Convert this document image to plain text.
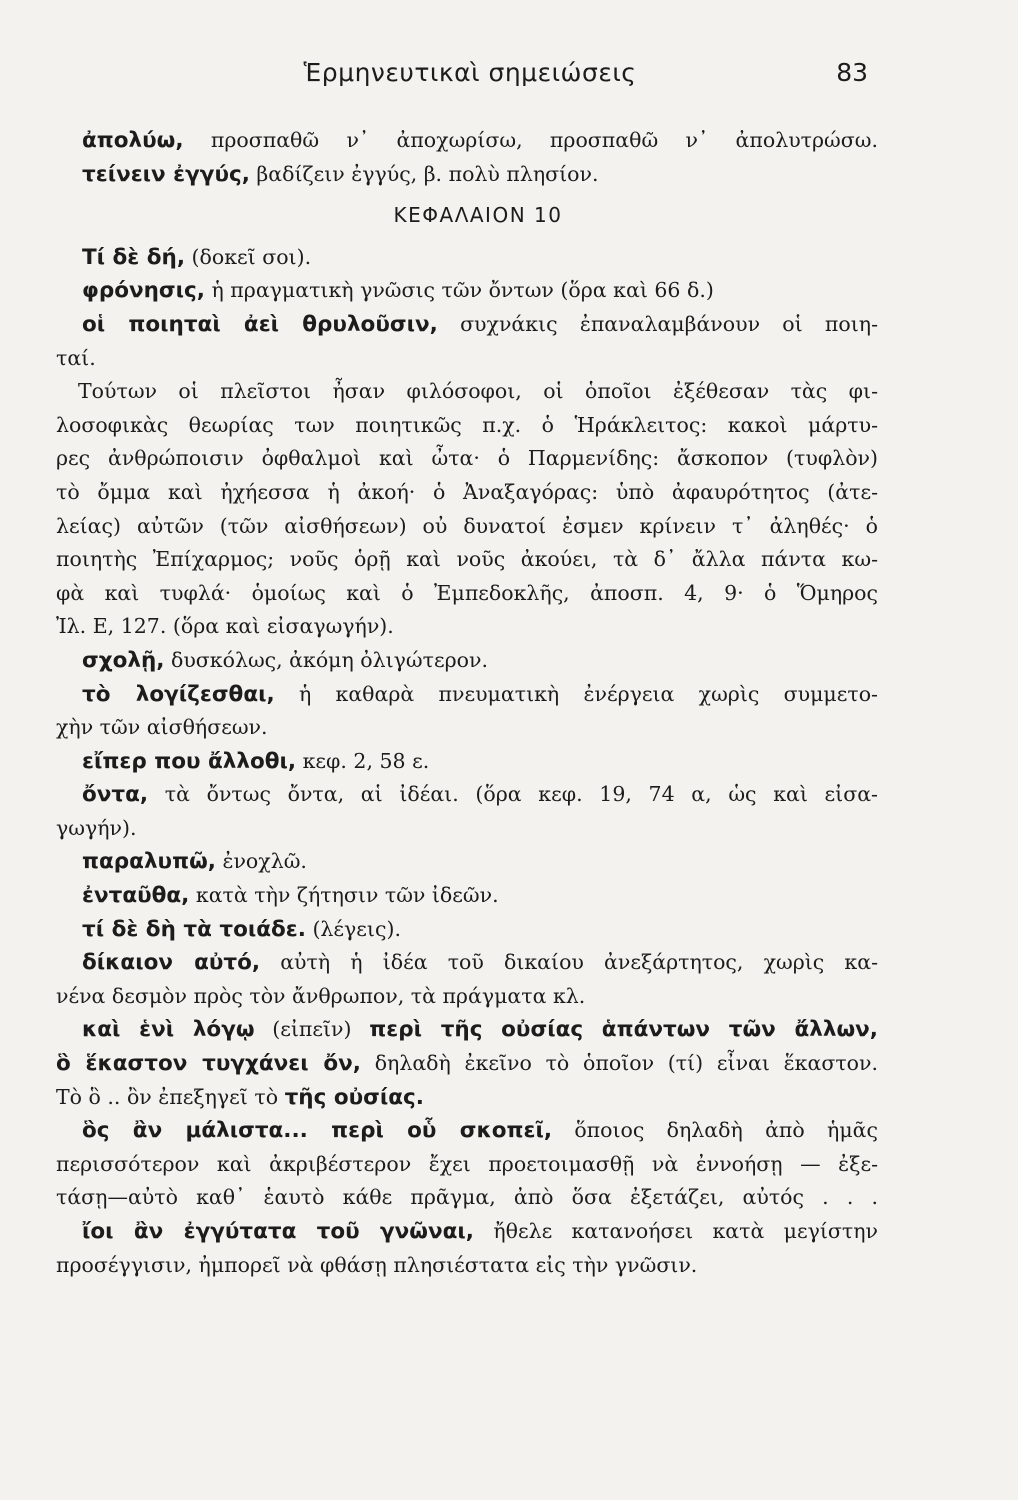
Ἑρμηνευτικαὶ σημειώσεις	83
ἀπολύω, προσπαθῶ ν᾿ ἀποχωρίσω, προσπαθῶ ν᾿ ἀπολυτρώσω.
τείνειν ἐγγύς, βαδίζειν ἐγγύς, β. πολὺ πλησίον.
ΚΕΦΑΛΑΙΟΝ 10
Τί δὲ δή, (δοκεῖ σοι).
φρόνησις, ἡ πραγματικὴ γνῶσις τῶν ὄντων (ὅρα καὶ 66 δ.)
οἱ ποιηταὶ ἀεὶ θρυλοῦσιν, συχνάκις ἐπαναλαμβάνουν οἱ ποιη-
ταί.
Τούτων οἱ πλεῖστοι ἦσαν φιλόσοφοι, οἱ ὁποῖοι ἐξέθεσαν τὰς φι-
λοσοφικὰς θεωρίας των ποιητικῶς π.χ. ὁ Ἡράκλειτος: κακοὶ μάρτυ-
ρες ἀνθρώποισιν ὀφθαλμοὶ καὶ ὦτα· ὁ Παρμενίδης: ἄσκοπον (τυφλὸν)
τὸ ὄμμα καὶ ἠχήεσσα ἡ ἀκοή· ὁ Ἀναξαγόρας: ὑπὸ ἀφαυρότητος (ἀτε-
λείας) αὐτῶν (τῶν αἰσθήσεων) οὐ δυνατοί ἐσμεν κρίνειν τ᾿ ἀληθές· ὁ
ποιητὴς Ἐπίχαρμος; νοῦς ὁρῇ καὶ νοῦς ἀκούει, τὰ δ᾿ ἄλλα πάντα κω-
φὰ καὶ τυφλά· ὁμοίως καὶ ὁ Ἐμπεδοκλῆς, ἀποσπ. 4, 9· ὁ Ὅμηρος
Ἰλ. Ε, 127. (ὅρα καὶ εἰσαγωγήν).
σχολῇ, δυσκόλως, ἀκόμη ὀλιγώτερον.
τὸ λογίζεσθαι, ἡ καθαρὰ πνευματικὴ ἐνέργεια χωρὶς συμμετο-
χὴν τῶν αἰσθήσεων.
εἴπερ που ἄλλοθι, κεφ. 2, 58 ε.
ὄντα, τὰ ὄντως ὄντα, αἱ ἰδέαι. (ὅρα κεφ. 19, 74 α, ὡς καὶ εἰσα-
γωγήν).
παραλυπῶ, ἐνοχλῶ.
ἐνταῦθα, κατὰ τὴν ζήτησιν τῶν ἰδεῶν.
τί δὲ δὴ τὰ τοιάδε. (λέγεις).
δίκαιον αὐτό, αὐτὴ ἡ ἰδέα τοῦ δικαίου ἀνεξάρτητος, χωρὶς κα-
νένα δεσμὸν πρὸς τὸν ἄνθρωπον, τὰ πράγματα κλ.
καὶ ἑνὶ λόγῳ (εἰπεῖν) περὶ τῆς οὐσίας ἁπάντων τῶν ἄλλων,
ὃ ἕκαστον τυγχάνει ὄν, δηλαδὴ ἐκεῖνο τὸ ὁποῖον (τί) εἶναι ἕκαστον.
Τὸ ὃ .. ὂν ἐπεξηγεῖ τὸ τῆς οὐσίας.
ὃς ἂν μάλιστα... περὶ οὗ σκοπεῖ, ὅποιος δηλαδὴ ἀπὸ ἡμᾶς
περισσότερον καὶ ἀκριβέστερον ἔχει προετοιμασθῇ νὰ ἐννοήσῃ — ἐξε-
τάσῃ—αὐτὸ καθ᾿ ἑαυτὸ κάθε πρᾶγμα, ἀπὸ ὅσα ἐξετάζει, αὐτός . . .
ἴοι ἂν ἐγγύτατα τοῦ γνῶναι, ἤθελε κατανοήσει κατὰ μεγίστην
προσέγγισιν, ἠμπορεῖ νὰ φθάσῃ πλησιέστατα εἰς τὴν γνῶσιν.
